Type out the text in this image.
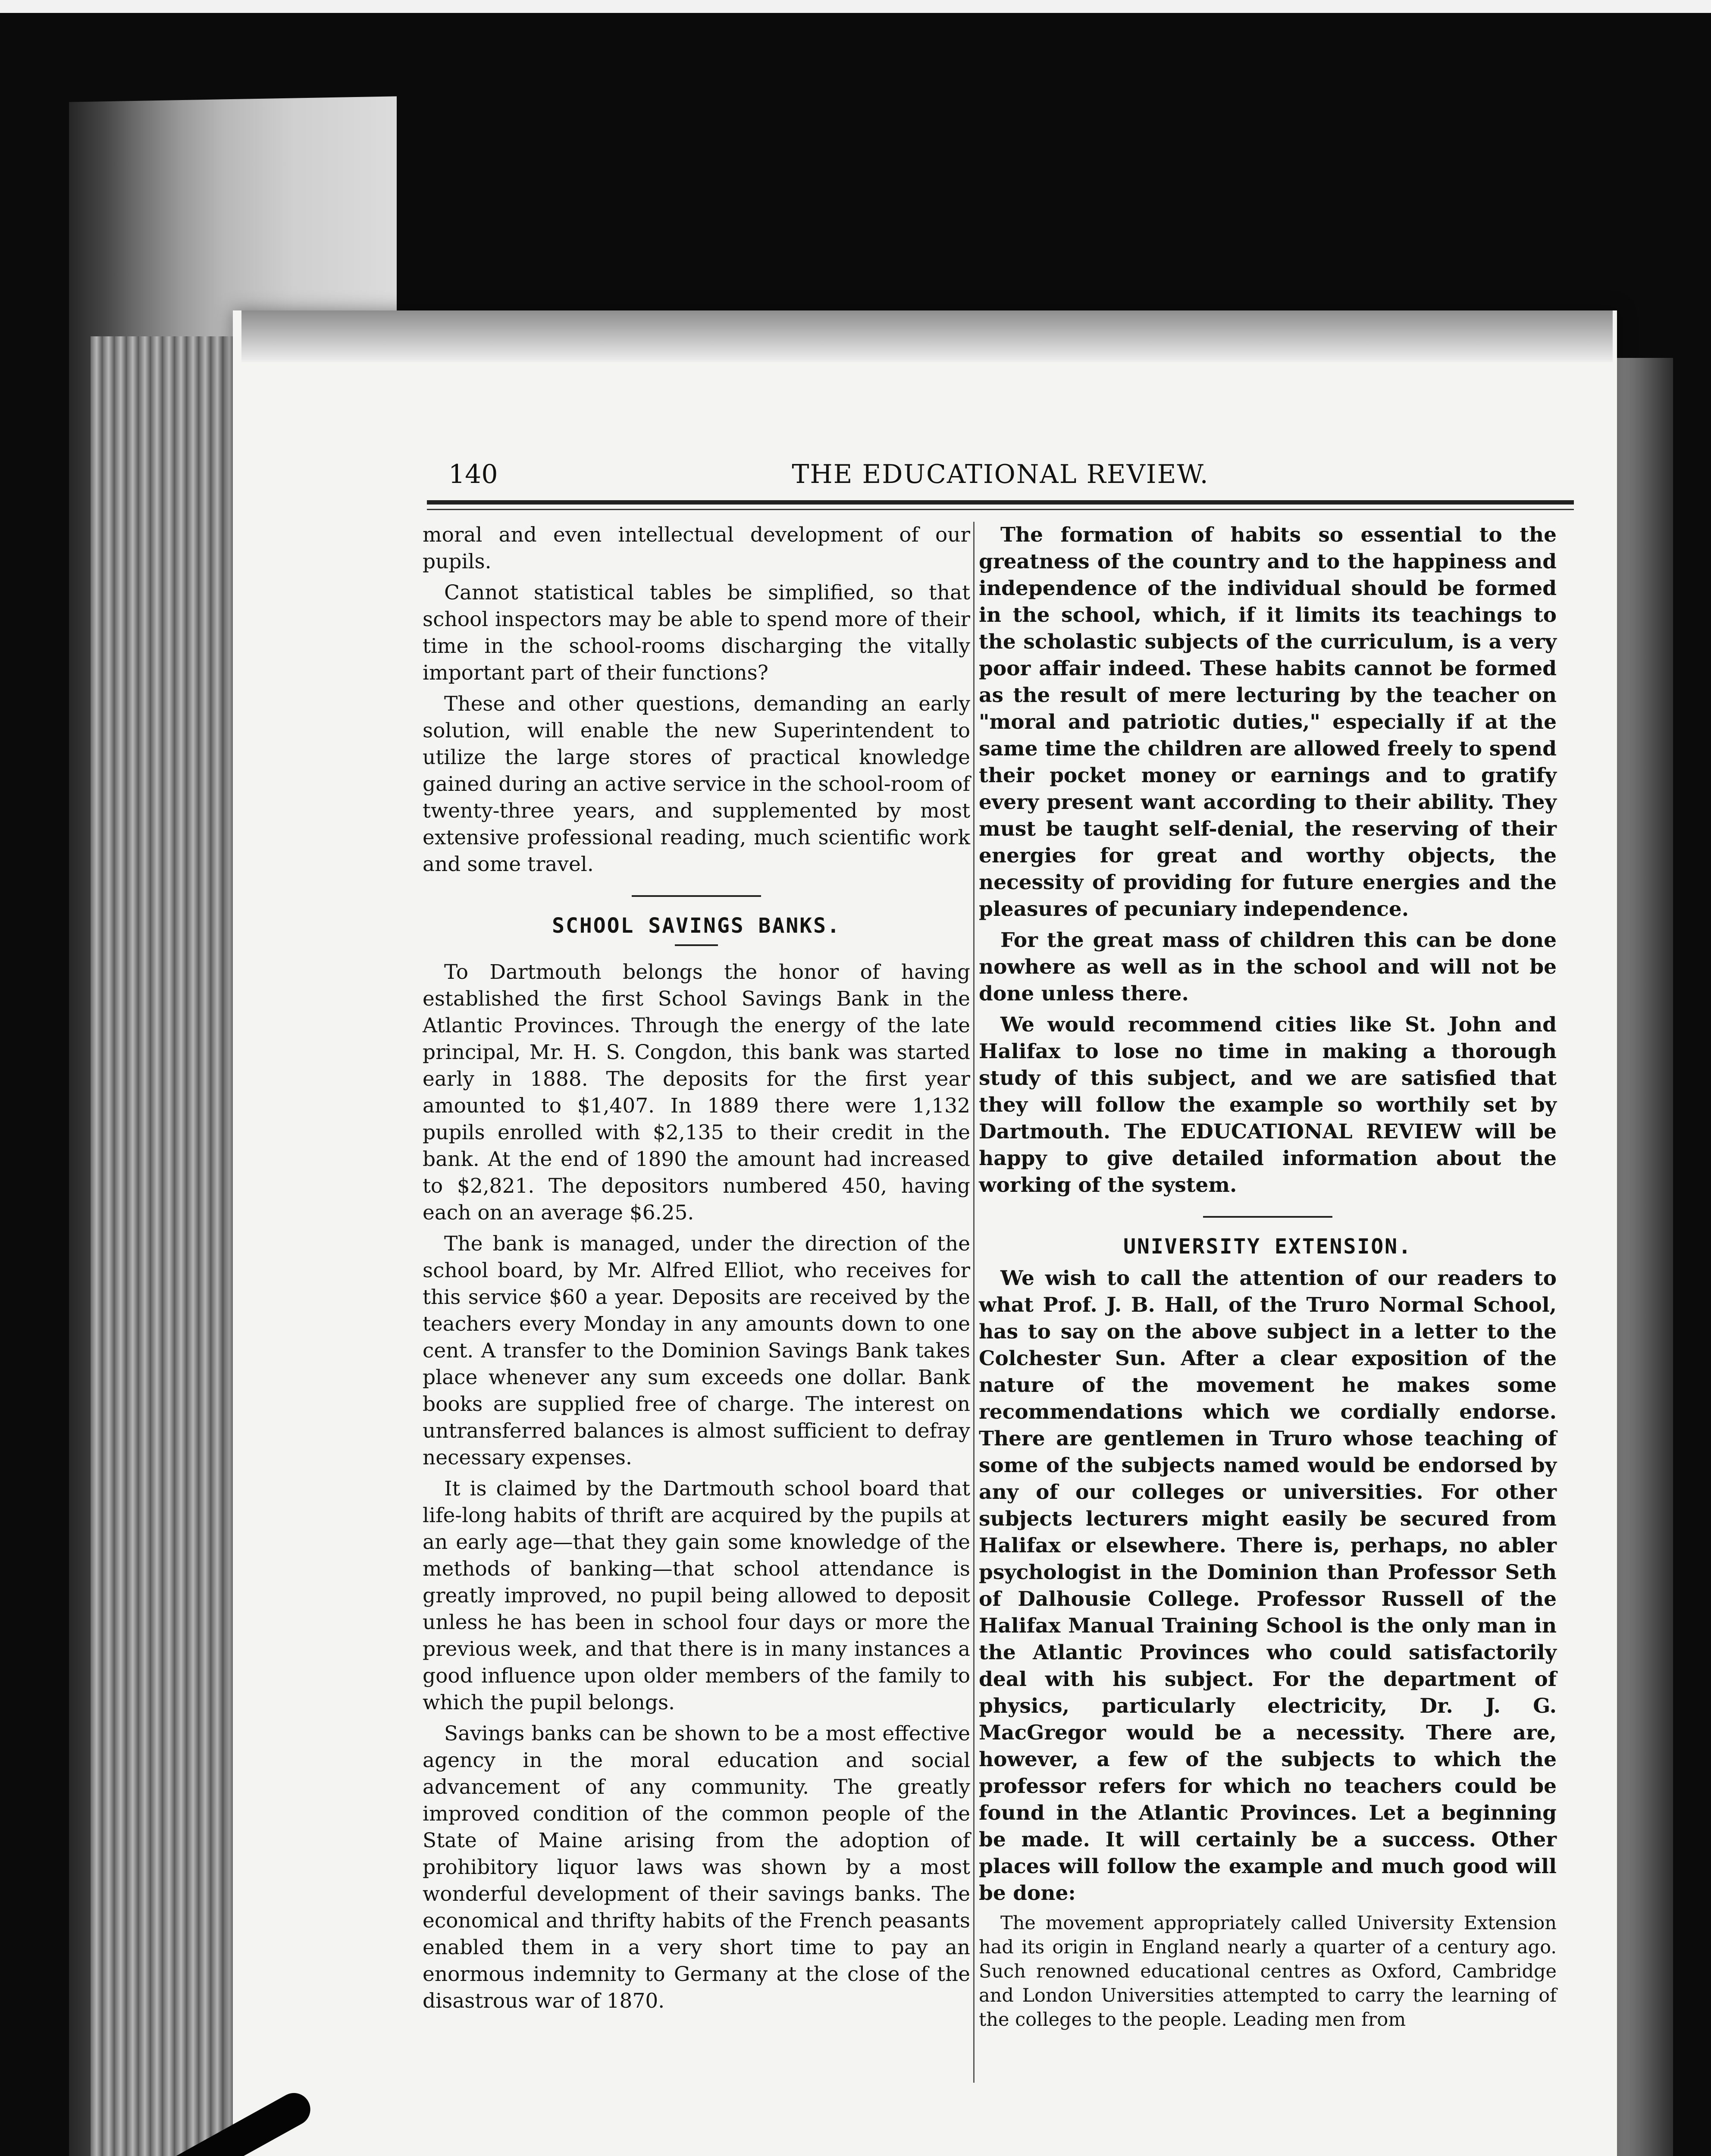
140	THE EDUCATIONAL REVIEW.

moral and even intellectual development of our pupils.

Cannot statistical tables be simplified, so that school inspectors may be able to spend more of their time in the school-rooms discharging the vitally important part of their functions?

These and other questions, demanding an early solution, will enable the new Superintendent to utilize the large stores of practical knowledge gained during an active service in the school-room of twenty-three years, and supplemented by most extensive professional reading, much scientific work and some travel.

SCHOOL SAVINGS BANKS.

To Dartmouth belongs the honor of having established the first School Savings Bank in the Atlantic Provinces. Through the energy of the late principal, Mr. H. S. Congdon, this bank was started early in 1888. The deposits for the first year amounted to $1,407. In 1889 there were 1,132 pupils enrolled with $2,135 to their credit in the bank. At the end of 1890 the amount had increased to $2,821. The depositors numbered 450, having each on an average $6.25.

The bank is managed, under the direction of the school board, by Mr. Alfred Elliot, who receives for this service $60 a year. Deposits are received by the teachers every Monday in any amounts down to one cent. A transfer to the Dominion Savings Bank takes place whenever any sum exceeds one dollar. Bank books are supplied free of charge. The interest on untransferred balances is almost sufficient to defray necessary expenses.

It is claimed by the Dartmouth school board that life-long habits of thrift are acquired by the pupils at an early age—that they gain some knowledge of the methods of banking—that school attendance is greatly improved, no pupil being allowed to deposit unless he has been in school four days or more the previous week, and that there is in many instances a good influence upon older members of the family to which the pupil belongs.

Savings banks can be shown to be a most effective agency in the moral education and social advancement of any community. The greatly improved condition of the common people of the State of Maine arising from the adoption of prohibitory liquor laws was shown by a most wonderful development of their savings banks. The economical and thrifty habits of the French peasants enabled them in a very short time to pay an enormous indemnity to Germany at the close of the disastrous war of 1870.

The formation of habits so essential to the greatness of the country and to the happiness and independence of the individual should be formed in the school, which, if it limits its teachings to the scholastic subjects of the curriculum, is a very poor affair indeed. These habits cannot be formed as the result of mere lecturing by the teacher on "moral and patriotic duties," especially if at the same time the children are allowed freely to spend their pocket money or earnings and to gratify every present want according to their ability. They must be taught self-denial, the reserving of their energies for great and worthy objects, the necessity of providing for future energies and the pleasures of pecuniary independence.

For the great mass of children this can be done nowhere as well as in the school and will not be done unless there.

We would recommend cities like St. John and Halifax to lose no time in making a thorough study of this subject, and we are satisfied that they will follow the example so worthily set by Dartmouth. The EDUCATIONAL REVIEW will be happy to give detailed information about the working of the system.

UNIVERSITY EXTENSION.

We wish to call the attention of our readers to what Prof. J. B. Hall, of the Truro Normal School, has to say on the above subject in a letter to the Colchester Sun. After a clear exposition of the nature of the movement he makes some recommendations which we cordially endorse. There are gentlemen in Truro whose teaching of some of the subjects named would be endorsed by any of our colleges or universities. For other subjects lecturers might easily be secured from Halifax or elsewhere. There is, perhaps, no abler psychologist in the Dominion than Professor Seth of Dalhousie College. Professor Russell of the Halifax Manual Training School is the only man in the Atlantic Provinces who could satisfactorily deal with his subject. For the department of physics, particularly electricity, Dr. J. G. MacGregor would be a necessity. There are, however, a few of the subjects to which the professor refers for which no teachers could be found in the Atlantic Provinces. Let a beginning be made. It will certainly be a success. Other places will follow the example and much good will be done:

The movement appropriately called University Extension had its origin in England nearly a quarter of a century ago. Such renowned educational centres as Oxford, Cambridge and London Universities attempted to carry the learning of the colleges to the people. Leading men from
